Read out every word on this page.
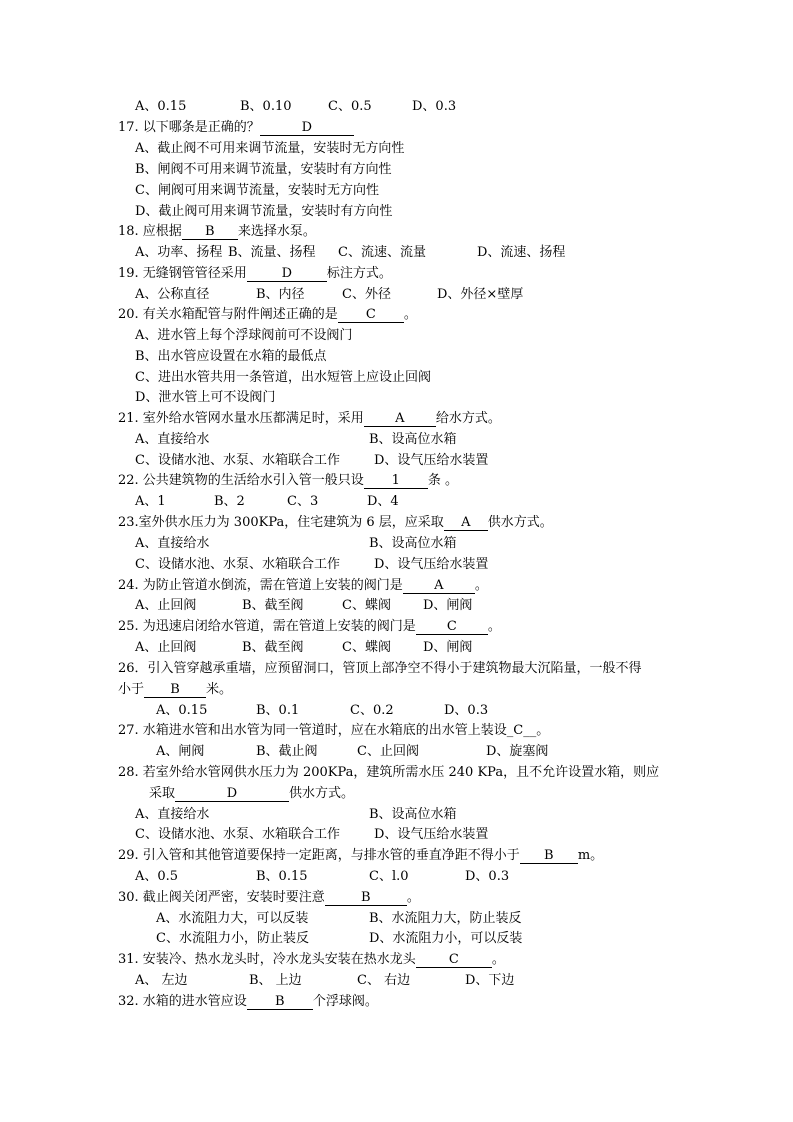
A、0.15	B、0.10	C、0.5	D、0.3
17. 以下哪条是正确的？	D
A、截止阀不可用来调节流量，安装时无方向性
B、闸阀不可用来调节流量，安装时有方向性
C、闸阀可用来调节流量，安装时无方向性
D、截止阀可用来调节流量，安装时有方向性
18. 应根据 B 来选择水泵。
A、功率、扬程 B、流量、扬程 C、流速、流量	D、流速、扬程
19. 无缝钢管管径采用	D	标注方式。
A、公称直径	B、内径	C、外径	D、外径×壁厚
20. 有关水箱配管与附件阐述正确的是 C 。
A、进水管上每个浮球阀前可不设阀门
B、出水管应设置在水箱的最低点
C、进出水管共用一条管道，出水短管上应设止回阀
D、泄水管上可不设阀门
21. 室外给水管网水量水压都满足时，采用 A 给水方式。
A、直接给水	B、设高位水箱
C、设储水池、水泵、水箱联合工作	D、设气压给水装置
22. 公共建筑物的生活给水引入管一般只设 1 条 。
A、1	B、2	C、3	D、4
23.室外供水压力为 300KPa，住宅建筑为 6 层，应采取 A 供水方式。
A、直接给水	B、设高位水箱
C、设储水池、水泵、水箱联合工作	D、设气压给水装置
24. 为防止管道水倒流，需在管道上安装的阀门是 A 。
A、止回阀	B、截至阀	C、蝶阀 D、闸阀
25. 为迅速启闭给水管道，需在管道上安装的阀门是 C 。
A、止回阀	B、截至阀	C、蝶阀 D、闸阀
26．引入管穿越承重墙，应预留洞口，管顶上部净空不得小于建筑物最大沉陷量，一般不得
小于 B 米。
A、0.15	B、0.1	C、0.2	D、0.3
27. 水箱进水管和出水管为同一管道时，应在水箱底的出水管上装设_C__。
A、闸阀	B、截止阀	C、止回阀	D、旋塞阀
28. 若室外给水管网供水压力为 200KPa，建筑所需水压 240 KPa，且不允许设置水箱，则应
采取	D	供水方式。
A、直接给水	B、设高位水箱
C、设储水池、水泵、水箱联合工作	D、设气压给水装置
29. 引入管和其他管道要保持一定距离，与排水管的垂直净距不得小于 B m。
A、0.5	B、0.15	C、l.0	D、0.3
30. 截止阀关闭严密，安装时要注意	B	。
A、水流阻力大，可以反装	B、水流阻力大，防止装反
C、水流阻力小，防止装反	D、水流阻力小，可以反装
31. 安装冷、热水龙头时，冷水龙头安装在热水龙头	C	。
A、 左边	B、 上边	C、 右边	D、下边
32. 水箱的进水管应设 B 个浮球阀。
